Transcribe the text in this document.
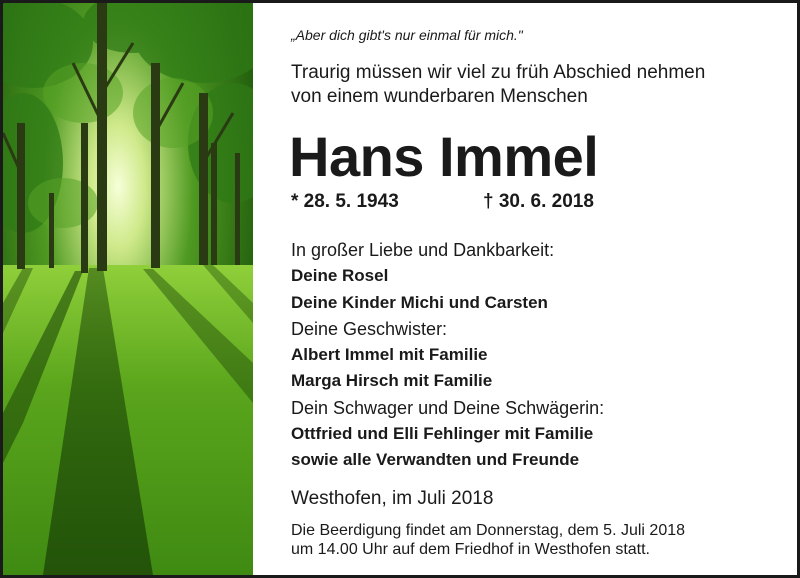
„Aber dich gibt's nur einmal für mich."
Traurig müssen wir viel zu früh Abschied nehmen
von einem wunderbaren Menschen
Hans Immel
* 28. 5. 1943	† 30. 6. 2018
In großer Liebe und Dankbarkeit:
Deine Rosel
Deine Kinder Michi und Carsten
Deine Geschwister:
Albert Immel mit Familie
Marga Hirsch mit Familie
Dein Schwager und Deine Schwägerin:
Ottfried und Elli Fehlinger mit Familie
sowie alle Verwandten und Freunde
Westhofen, im Juli 2018
Die Beerdigung findet am Donnerstag, dem 5. Juli 2018
um 14.00 Uhr auf dem Friedhof in Westhofen statt.
